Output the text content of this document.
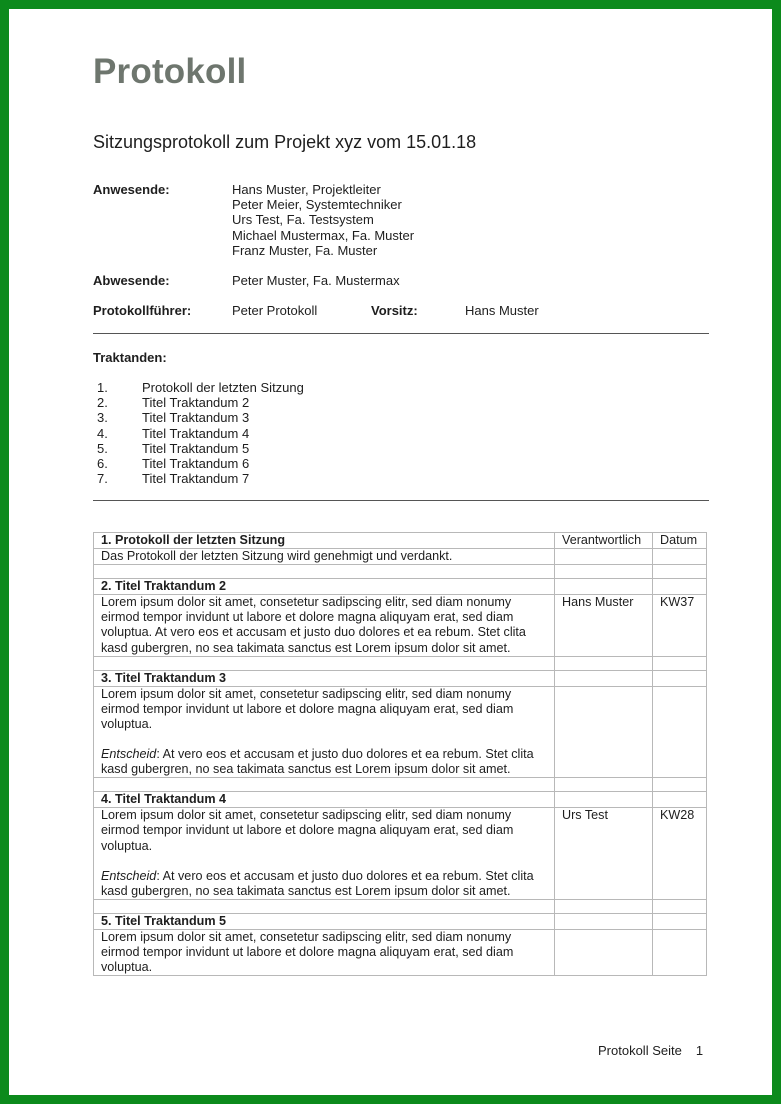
Protokoll
Sitzungsprotokoll zum Projekt xyz vom 15.01.18
Anwesende:	Hans Muster, Projektleiter
Peter Meier, Systemtechniker
Urs Test, Fa. Testsystem
Michael Mustermax, Fa. Muster
Franz Muster, Fa. Muster
Abwesende:	Peter Muster, Fa. Mustermax
Protokollführer:	Peter Protokoll	Vorsitz:	Hans Muster
Traktanden:
1.	Protokoll der letzten Sitzung
2.	Titel Traktandum 2
3.	Titel Traktandum 3
4.	Titel Traktandum 4
5.	Titel Traktandum 5
6.	Titel Traktandum 6
7.	Titel Traktandum 7
1. Protokoll der letzten Sitzung	Verantwortlich	Datum

Das Protokoll der letzten Sitzung wird genehmigt und verdankt.		

2. Titel Traktandum 2		

Lorem ipsum dolor sit amet, consetetur sadipscing elitr, sed diam nonumy eirmod tempor invidunt ut labore et dolore magna aliquyam erat, sed diam voluptua. At vero eos et accusam et justo duo dolores et ea rebum. Stet clita kasd gubergren, no sea takimata sanctus est Lorem ipsum dolor sit amet.	Hans Muster	KW37

3. Titel Traktandum 3		

Lorem ipsum dolor sit amet, consetetur sadipscing elitr, sed diam nonumy eirmod tempor invidunt ut labore et dolore magna aliquyam erat, sed diam voluptua.
Entscheid: At vero eos et accusam et justo duo dolores et ea rebum. Stet clita kasd gubergren, no sea takimata sanctus est Lorem ipsum dolor sit amet.		

4. Titel Traktandum 4		

Lorem ipsum dolor sit amet, consetetur sadipscing elitr, sed diam nonumy eirmod tempor invidunt ut labore et dolore magna aliquyam erat, sed diam voluptua.
Entscheid: At vero eos et accusam et justo duo dolores et ea rebum. Stet clita kasd gubergren, no sea takimata sanctus est Lorem ipsum dolor sit amet.	Urs Test	KW28

5. Titel Traktandum 5		

Lorem ipsum dolor sit amet, consetetur sadipscing elitr, sed diam nonumy eirmod tempor invidunt ut labore et dolore magna aliquyam erat, sed diam voluptua.		

Protokoll Seite 1
